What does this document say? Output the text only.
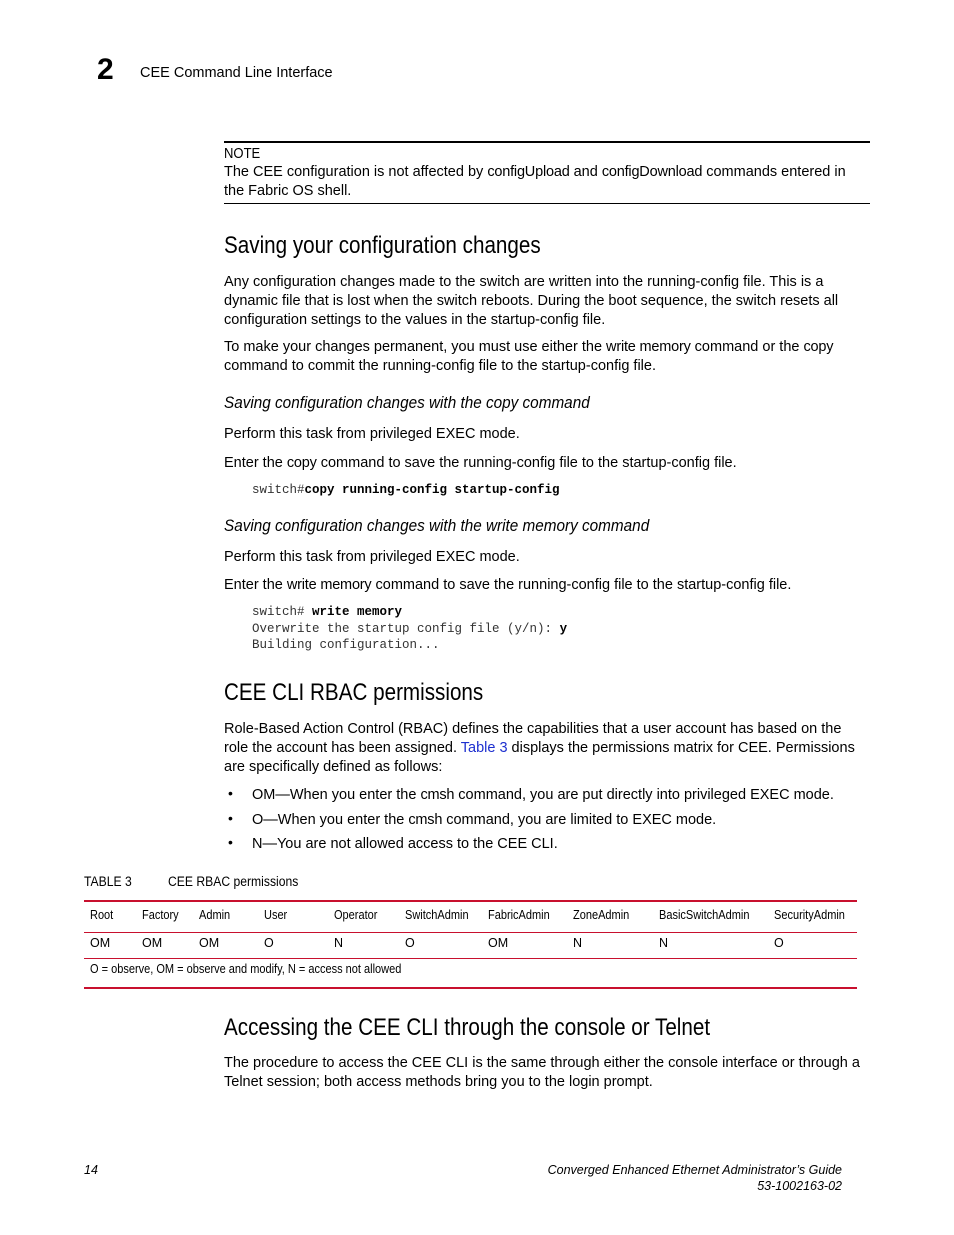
2 CEE Command Line Interface
NOTE
The CEE configuration is not affected by configUpload and configDownload commands entered in the Fabric OS shell.
Saving your configuration changes
Any configuration changes made to the switch are written into the running-config file. This is a dynamic file that is lost when the switch reboots. During the boot sequence, the switch resets all configuration settings to the values in the startup-config file.
To make your changes permanent, you must use either the write memory command or the copy command to commit the running-config file to the startup-config file.
Saving configuration changes with the copy command
Perform this task from privileged EXEC mode.
Enter the copy command to save the running-config file to the startup-config file.
switch#copy running-config startup-config
Saving configuration changes with the write memory command
Perform this task from privileged EXEC mode.
Enter the write memory command to save the running-config file to the startup-config file.
switch# write memory
Overwrite the startup config file (y/n): y
Building configuration...
CEE CLI RBAC permissions
Role-Based Action Control (RBAC) defines the capabilities that a user account has based on the role the account has been assigned. Table 3 displays the permissions matrix for CEE. Permissions are specifically defined as follows:
• OM—When you enter the cmsh command, you are put directly into privileged EXEC mode.
• O—When you enter the cmsh command, you are limited to EXEC mode.
• N—You are not allowed access to the CEE CLI.
TABLE 3	CEE RBAC permissions
Root Factory Admin	User	Operator SwitchAdmin FabricAdmin ZoneAdmin BasicSwitchAdmin SecurityAdmin
OM	OM	OM	O	N	O	OM	N	N	O
O = observe, OM = observe and modify, N = access not allowed
Accessing the CEE CLI through the console or Telnet
The procedure to access the CEE CLI is the same through either the console interface or through a Telnet session; both access methods bring you to the login prompt.
14	Converged Enhanced Ethernet Administrator’s Guide
53-1002163-02
